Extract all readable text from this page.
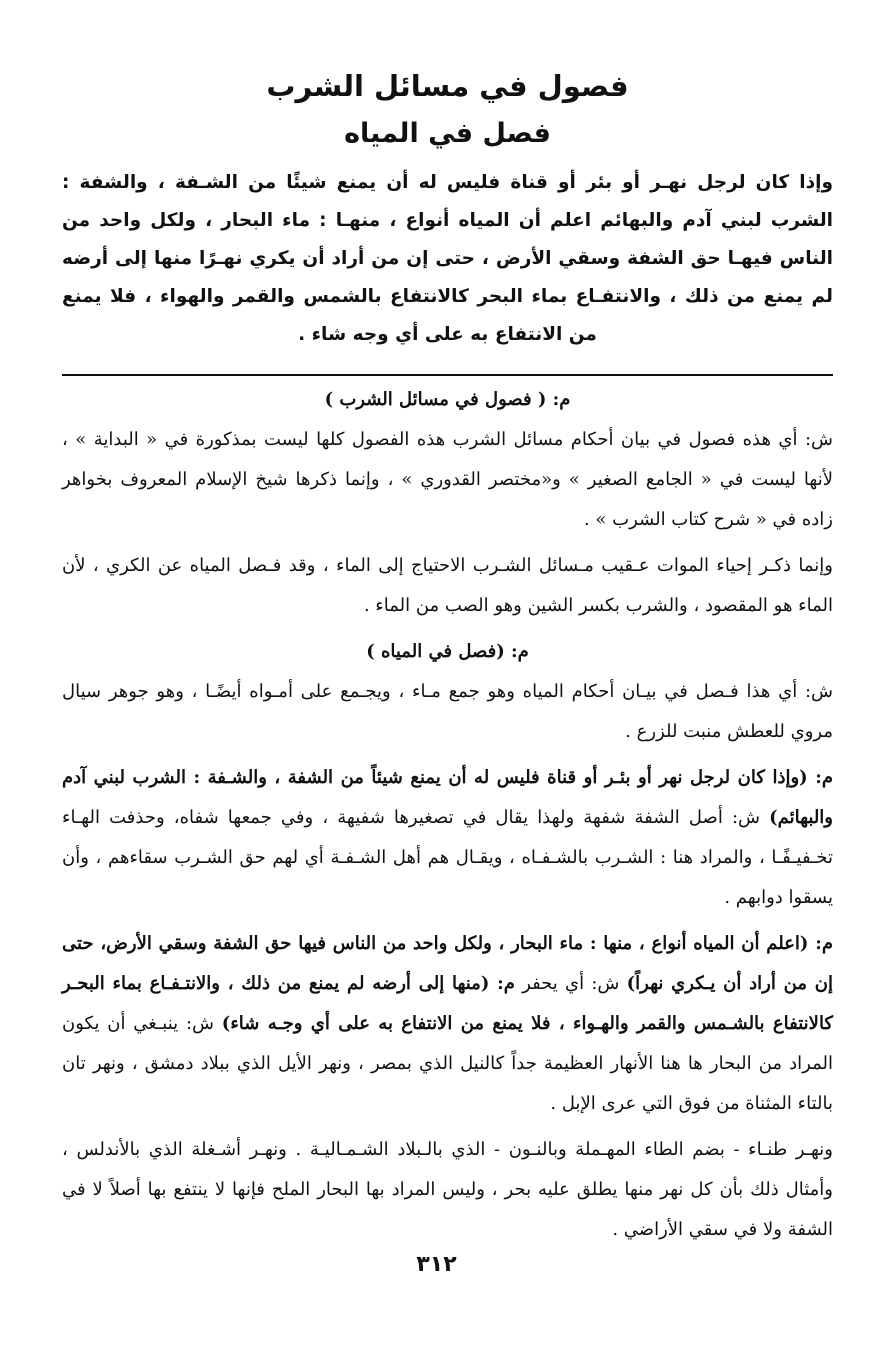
فصول في مسائل الشرب
فصل في المياه

وإذا كان لرجل نهـر أو بئر أو قناة فليس له أن يمنع شيئًا من الشـفة ، والشفة : الشرب لبني آدم والبهائم اعلم أن المياه أنواع ، منهـا : ماء البحار ، ولكل واحد من الناس فيهـا حق الشفة وسقي الأرض ، حتى إن من أراد أن يكري نهـرًا منها إلى أرضه لم يمنع من ذلك ، والانتفـاع بماء البحر كالانتفاع بالشمس والقمر والهواء ، فلا يمنع من الانتفاع به على أي وجه شاء .

م: ( فصول في مسائل الشرب )

ش: أي هذه فصول في بيان أحكام مسائل الشرب هذه الفصول كلها ليست بمذكورة في « البداية » ، لأنها ليست في « الجامع الصغير » و«مختصر القدوري » ، وإنما ذكرها شيخ الإسلام المعروف بخواهر زاده في « شرح كتاب الشرب » .

وإنما ذكـر إحياء الموات عـقيب مـسائل الشـرب الاحتياج إلى الماء ، وقد فـصل المياه عن الكري ، لأن الماء هو المقصود ، والشرب بكسر الشين وهو الصب من الماء .

م: (فصل في المياه )

ش: أي هذا فـصل في بيـان أحكام المياه وهو جمع مـاء ، ويجـمع على أمـواه أيضًـا ، وهو جوهر سيال مروي للعطش منبت للزرع .

م: (وإذا كان لرجل نهر أو بئـر أو قناة فليس له أن يمنع شيئاً من الشفة ، والشـفة : الشرب لبني آدم والبهائم) ش: أصل الشفة شفهة ولهذا يقال في تصغيرها شفيهة ، وفي جمعها شفاه، وحذفت الهـاء تخـفيـفًـا ، والمراد هنا : الشـرب بالشـفـاه ، ويقـال هم أهل الشـفـة أي لهم حق الشـرب سقاءهم ، وأن يسقوا دوابهم .

م: (اعلم أن المياه أنواع ، منها : ماء البحار ، ولكل واحد من الناس فيها حق الشفة وسقي الأرض، حتى إن من أراد أن يـكري نهراً) ش: أي يحفر م: (منها إلى أرضه لم يمنع من ذلك ، والانتـفـاع بماء البحـر كالانتفاع بالشـمس والقمر والهـواء ، فلا يمنع من الانتفاع به على أي وجـه شاء) ش: ينبـغي أن يكون المراد من البحار ها هنا الأنهار العظيمة جداً كالنيل الذي بمصر ، ونهر الأيل الذي ببلاد دمشق ، ونهر تان بالتاء المثناة من فوق التي عرى الإبل .

ونهـر طنـاء - بضم الطاء المهـملة وبالنـون - الذي بالـبلاد الشـمـاليـة . ونهـر أشـغلة الذي بالأندلس ، وأمثال ذلك بأن كل نهر منها يطلق عليه بحر ، وليس المراد بها البحار الملح فإنها لا ينتفع بها أصلاً لا في الشفة ولا في سقي الأراضي .

٣١٢
